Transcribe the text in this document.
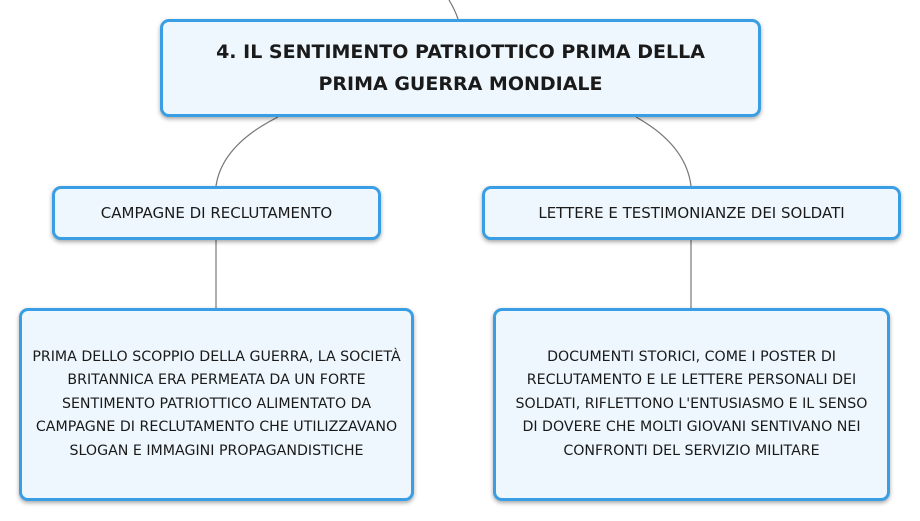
4. IL SENTIMENTO PATRIOTTICO PRIMA DELLA PRIMA GUERRA MONDIALE
CAMPAGNE DI RECLUTAMENTO	LETTERE E TESTIMONIANZE DEI SOLDATI
PRIMA DELLO SCOPPIO DELLA GUERRA, LA SOCIETÀ BRITANNICA ERA PERMEATA DA UN FORTE SENTIMENTO PATRIOTTICO ALIMENTATO DA CAMPAGNE DI RECLUTAMENTO CHE UTILIZZAVANO SLOGAN E IMMAGINI PROPAGANDISTICHE
DOCUMENTI STORICI, COME I POSTER DI RECLUTAMENTO E LE LETTERE PERSONALI DEI SOLDATI, RIFLETTONO L'ENTUSIASMO E IL SENSO DI DOVERE CHE MOLTI GIOVANI SENTIVANO NEI CONFRONTI DEL SERVIZIO MILITARE
